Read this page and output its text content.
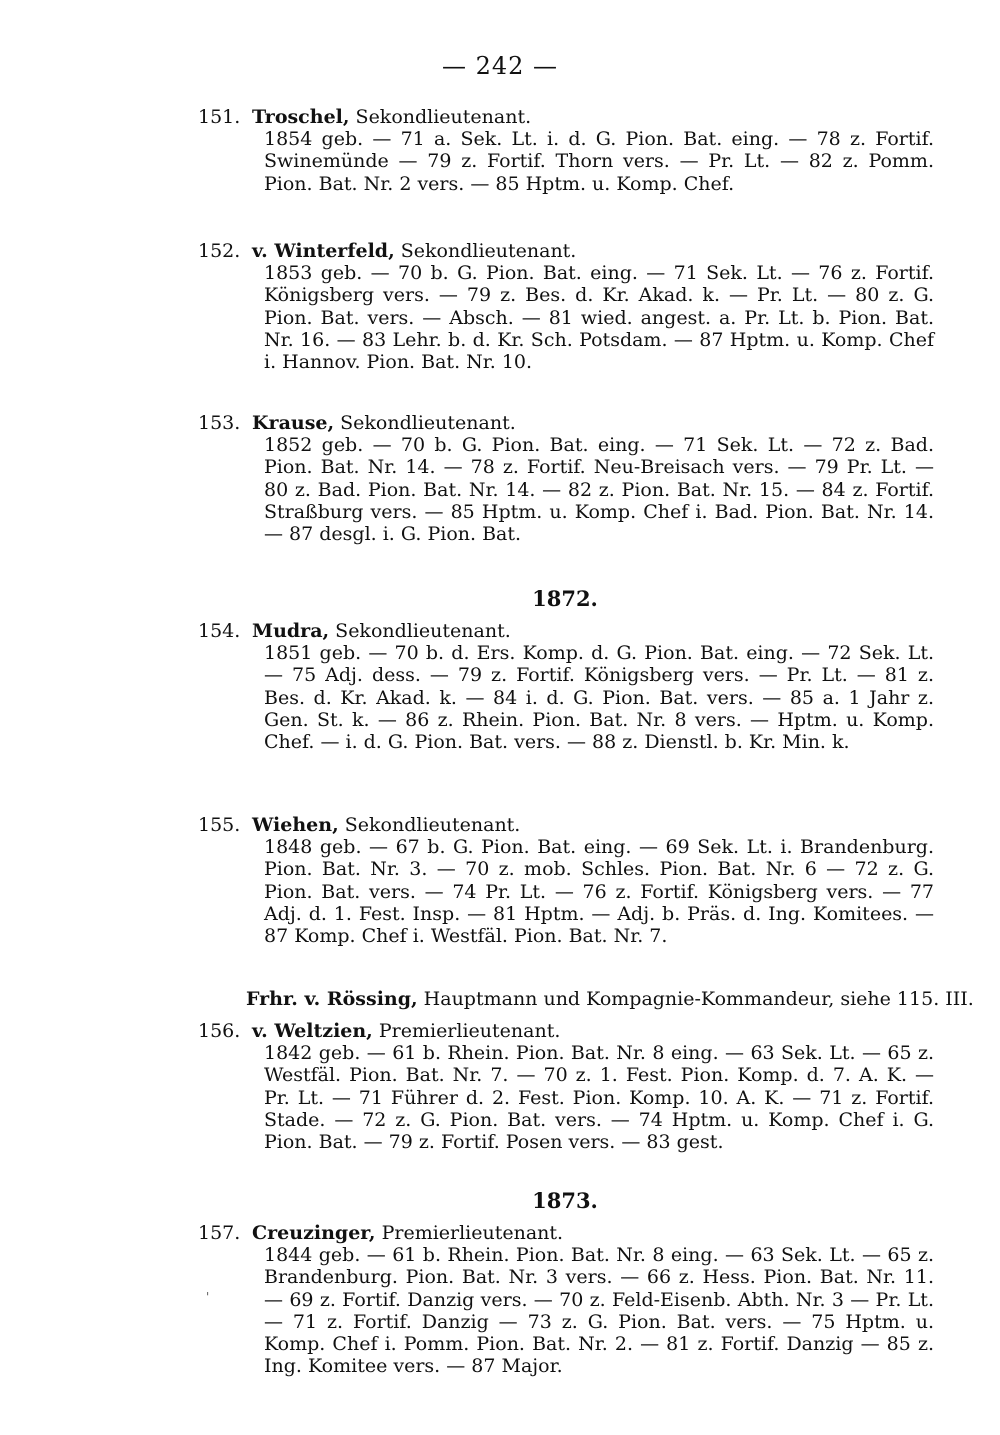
— 242 —
151. Troschel, Sekondlieutenant.
1854 geb. — 71 a. Sek. Lt. i. d. G. Pion. Bat. eing. — 78 z. Fortif. Swinemünde — 79 z. Fortif. Thorn vers. — Pr. Lt. — 82 z. Pomm. Pion. Bat. Nr. 2 vers. — 85 Hptm. u. Komp. Chef.
152. v. Winterfeld, Sekondlieutenant.
1853 geb. — 70 b. G. Pion. Bat. eing. — 71 Sek. Lt. — 76 z. Fortif. Königsberg vers. — 79 z. Bes. d. Kr. Akad. k. — Pr. Lt. — 80 z. G. Pion. Bat. vers. — Absch. — 81 wied. angest. a. Pr. Lt. b. Pion. Bat. Nr. 16. — 83 Lehr. b. d. Kr. Sch. Potsdam. — 87 Hptm. u. Komp. Chef i. Hannov. Pion. Bat. Nr. 10.
153. Krause, Sekondlieutenant.
1852 geb. — 70 b. G. Pion. Bat. eing. — 71 Sek. Lt. — 72 z. Bad. Pion. Bat. Nr. 14. — 78 z. Fortif. Neu-Breisach vers. — 79 Pr. Lt. — 80 z. Bad. Pion. Bat. Nr. 14. — 82 z. Pion. Bat. Nr. 15. — 84 z. Fortif. Straßburg vers. — 85 Hptm. u. Komp. Chef i. Bad. Pion. Bat. Nr. 14. — 87 desgl. i. G. Pion. Bat.
1872.
154. Mudra, Sekondlieutenant.
1851 geb. — 70 b. d. Ers. Komp. d. G. Pion. Bat. eing. — 72 Sek. Lt. — 75 Adj. dess. — 79 z. Fortif. Königsberg vers. — Pr. Lt. — 81 z. Bes. d. Kr. Akad. k. — 84 i. d. G. Pion. Bat. vers. — 85 a. 1 Jahr z. Gen. St. k. — 86 z. Rhein. Pion. Bat. Nr. 8 vers. — Hptm. u. Komp. Chef. — i. d. G. Pion. Bat. vers. — 88 z. Dienstl. b. Kr. Min. k.
155. Wiehen, Sekondlieutenant.
1848 geb. — 67 b. G. Pion. Bat. eing. — 69 Sek. Lt. i. Brandenburg. Pion. Bat. Nr. 3. — 70 z. mob. Schles. Pion. Bat. Nr. 6 — 72 z. G. Pion. Bat. vers. — 74 Pr. Lt. — 76 z. Fortif. Königsberg vers. — 77 Adj. d. 1. Fest. Insp. — 81 Hptm. — Adj. b. Präs. d. Ing. Komitees. — 87 Komp. Chef i. Westfäl. Pion. Bat. Nr. 7.
Frhr. v. Rössing, Hauptmann und Kompagnie-Kommandeur, siehe 115. III.
156. v. Weltzien, Premierlieutenant.
1842 geb. — 61 b. Rhein. Pion. Bat. Nr. 8 eing. — 63 Sek. Lt. — 65 z. Westfäl. Pion. Bat. Nr. 7. — 70 z. 1. Fest. Pion. Komp. d. 7. A. K. — Pr. Lt. — 71 Führer d. 2. Fest. Pion. Komp. 10. A. K. — 71 z. Fortif. Stade. — 72 z. G. Pion. Bat. vers. — 74 Hptm. u. Komp. Chef i. G. Pion. Bat. — 79 z. Fortif. Posen vers. — 83 gest.
1873.
157. Creuzinger, Premierlieutenant.
1844 geb. — 61 b. Rhein. Pion. Bat. Nr. 8 eing. — 63 Sek. Lt. — 65 z. Brandenburg. Pion. Bat. Nr. 3 vers. — 66 z. Hess. Pion. Bat. Nr. 11. — 69 z. Fortif. Danzig vers. — 70 z. Feld-Eisenb. Abth. Nr. 3 — Pr. Lt. — 71 z. Fortif. Danzig — 73 z. G. Pion. Bat. vers. — 75 Hptm. u. Komp. Chef i. Pomm. Pion. Bat. Nr. 2. — 81 z. Fortif. Danzig — 85 z. Ing. Komitee vers. — 87 Major.
'
